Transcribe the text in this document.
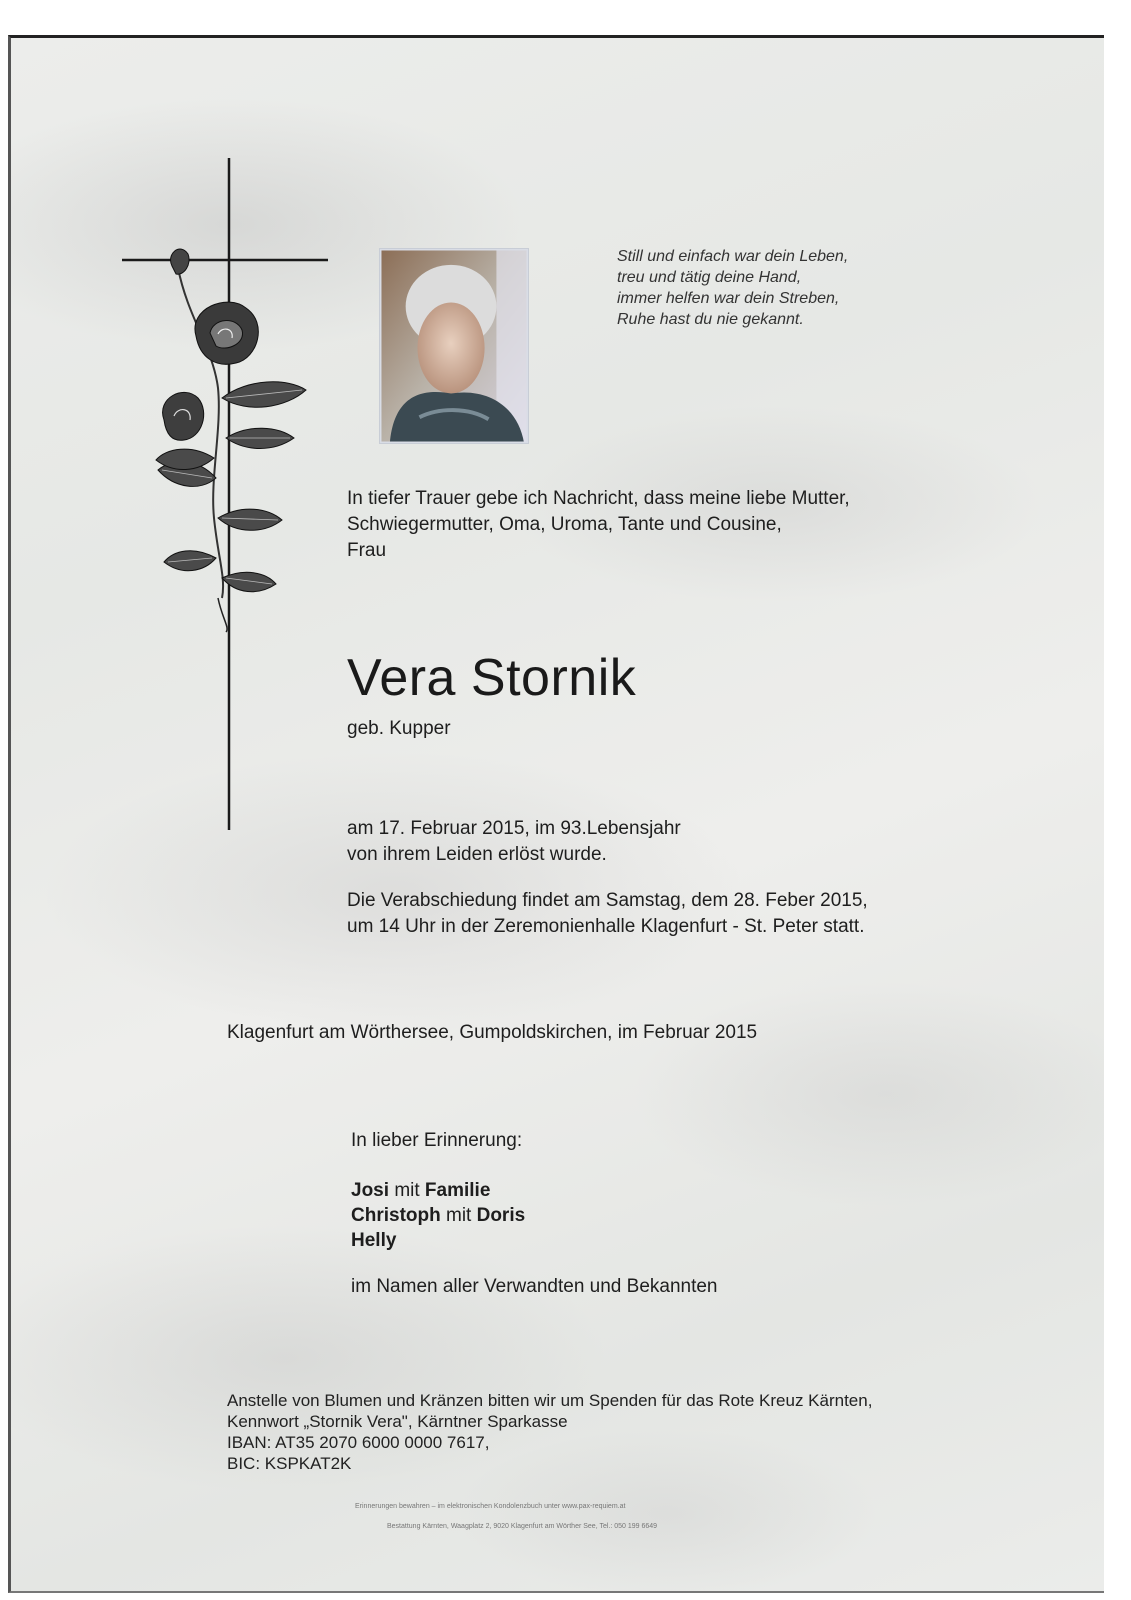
Still und einfach war dein Leben,
treu und tätig deine Hand,
immer helfen war dein Streben,
Ruhe hast du nie gekannt.
In tiefer Trauer gebe ich Nachricht, dass meine liebe Mutter,
Schwiegermutter, Oma, Uroma, Tante und Cousine,
Frau
Vera Stornik
geb. Kupper
am 17. Februar 2015, im 93.Lebensjahr
von ihrem Leiden erlöst wurde.
Die Verabschiedung findet am Samstag, dem 28. Feber 2015,
um 14 Uhr in der Zeremonienhalle Klagenfurt - St. Peter statt.
Klagenfurt am Wörthersee, Gumpoldskirchen, im Februar 2015
In lieber Erinnerung:
Josi mit Familie
Christoph mit Doris
Helly
im Namen aller Verwandten und Bekannten
Anstelle von Blumen und Kränzen bitten wir um Spenden für das Rote Kreuz Kärnten,
Kennwort „Stornik Vera", Kärntner Sparkasse
IBAN: AT35 2070 6000 0000 7617,
BIC: KSPKAT2K
Erinnerungen bewahren – im elektronischen Kondolenzbuch unter www.pax-requiem.at
Bestattung Kärnten, Waagplatz 2, 9020 Klagenfurt am Wörther See, Tel.: 050 199 6649
